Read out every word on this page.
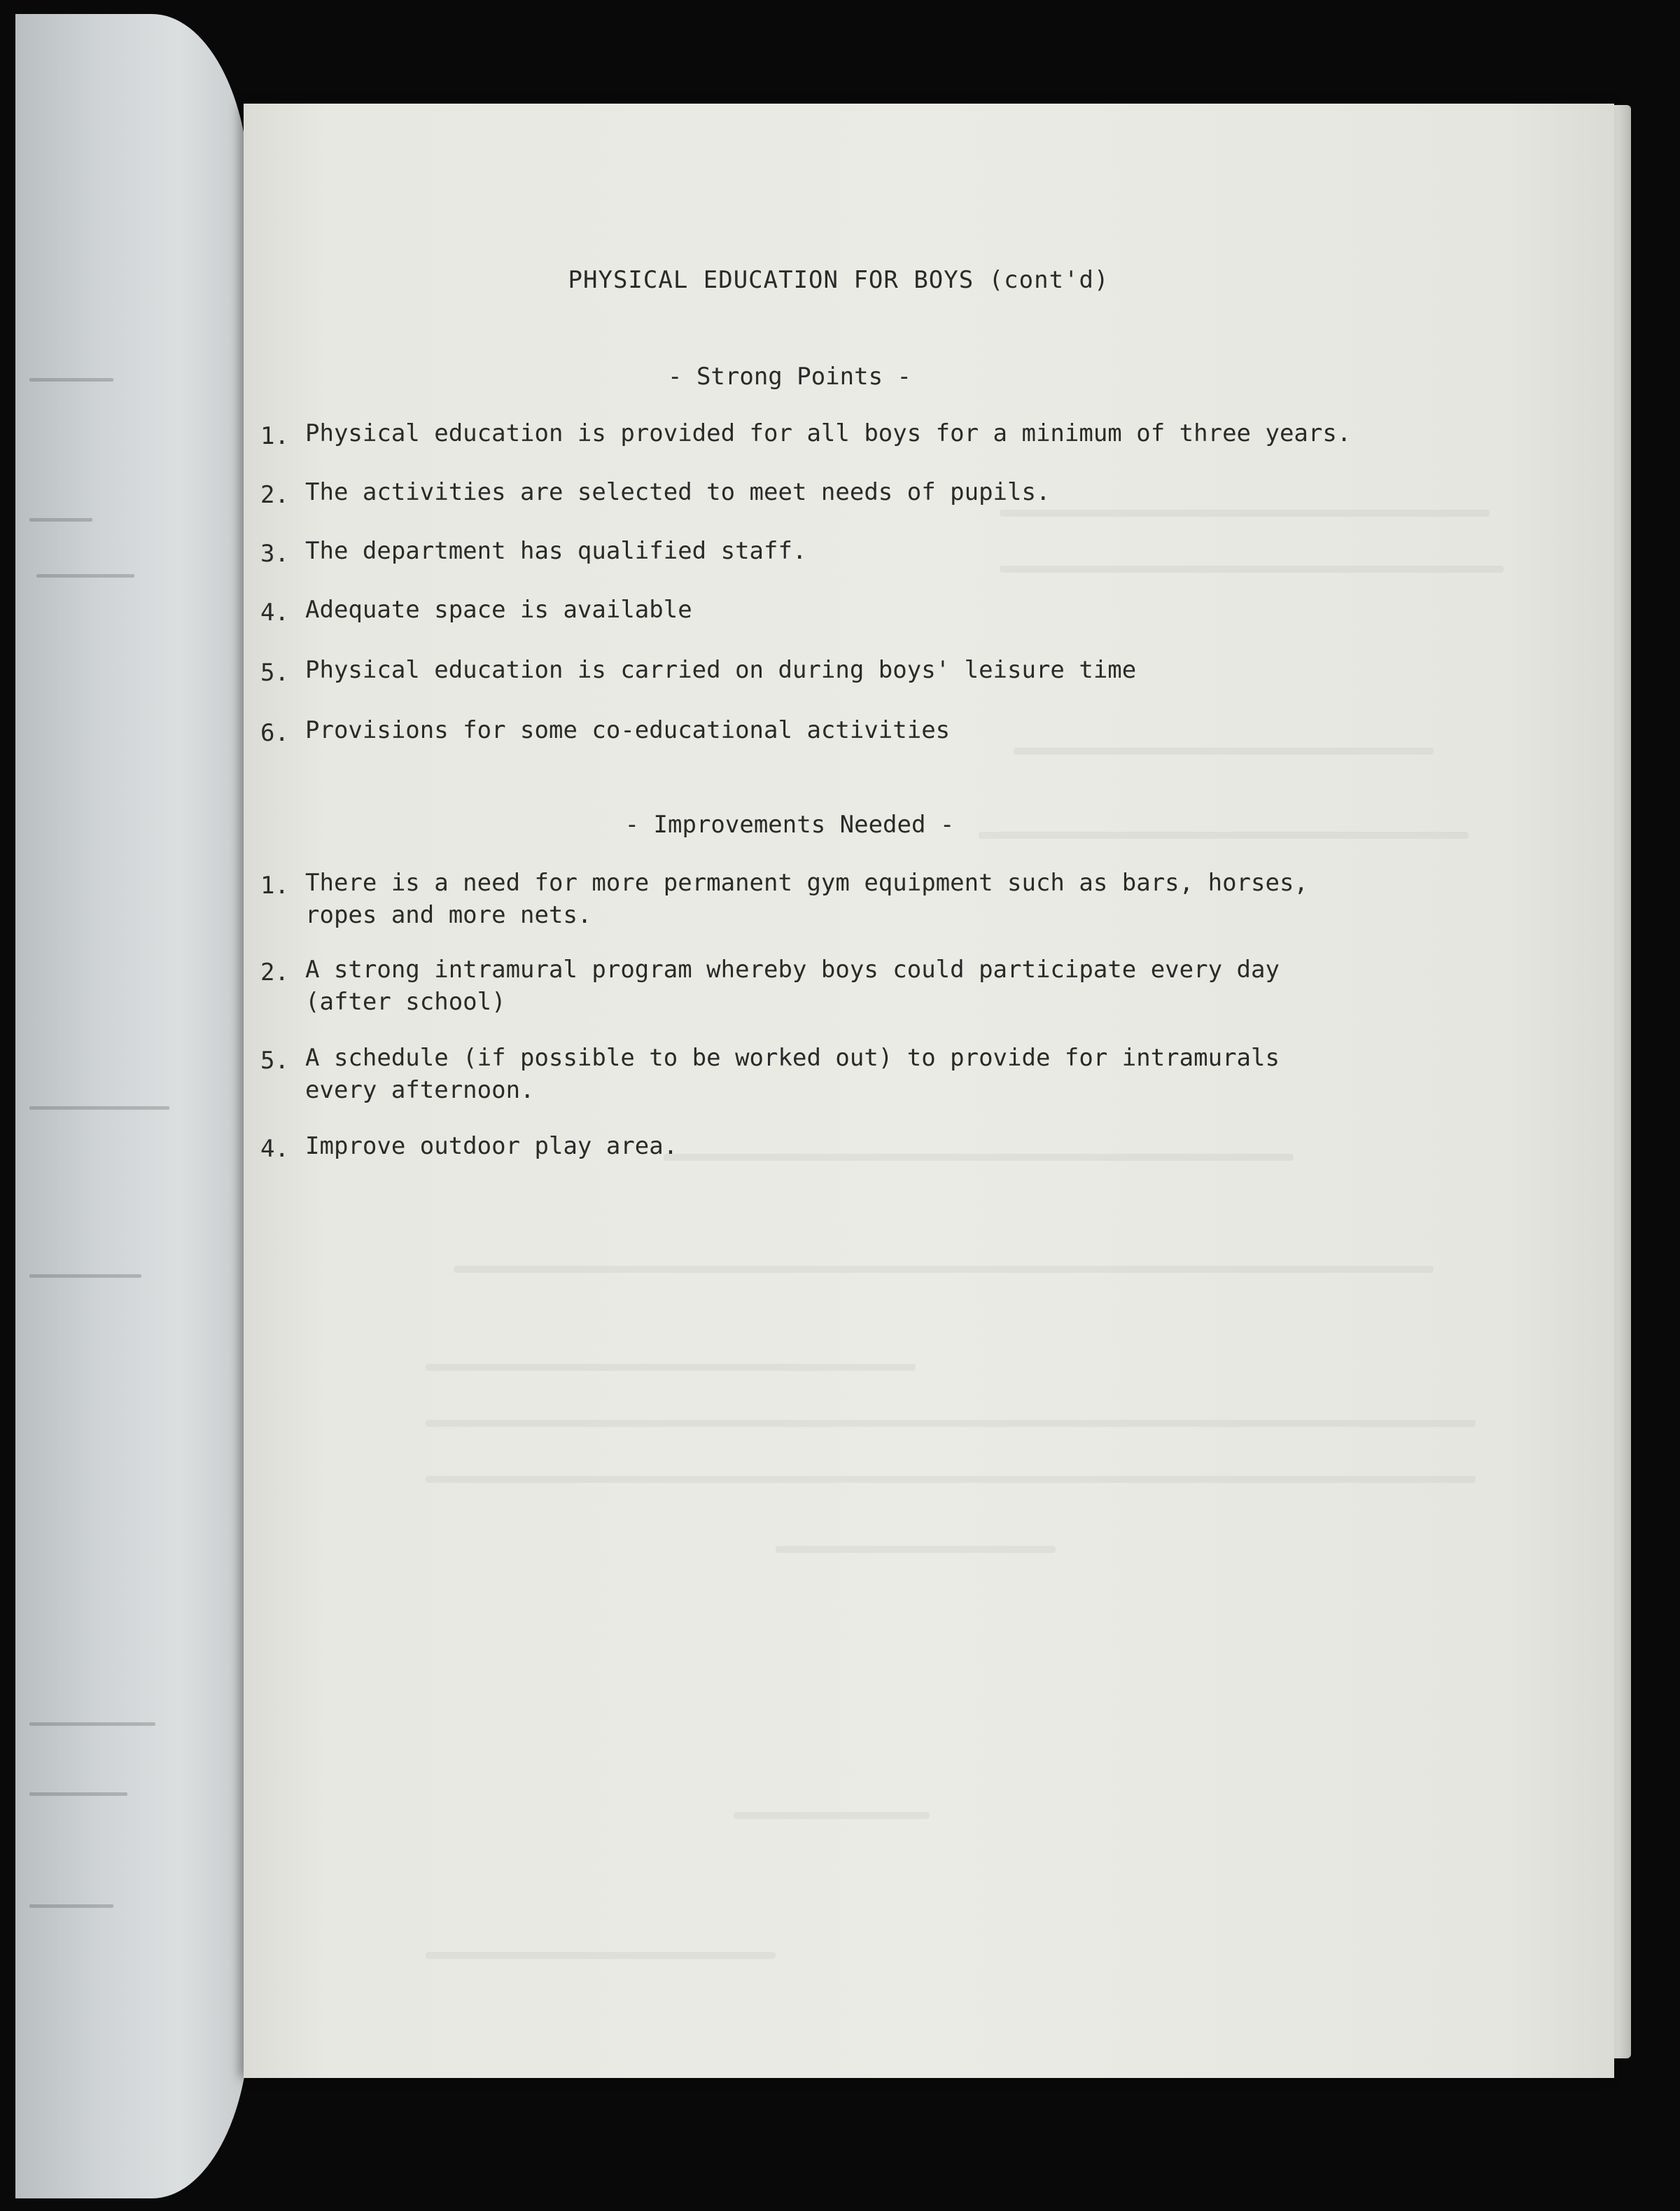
PHYSICAL EDUCATION FOR BOYS (cont'd)
- Strong Points -
1. Physical education is provided for all boys for a minimum of three years.
2. The activities are selected to meet needs of pupils.
3. The department has qualified staff.
4. Adequate space is available
5. Physical education is carried on during boys' leisure time
6. Provisions for some co-educational activities
- Improvements Needed -
1. There is a need for more permanent gym equipment such as bars, horses,
ropes and more nets.
2. A strong intramural program whereby boys could participate every day
(after school)
5. A schedule (if possible to be worked out) to provide for intramurals
every afternoon.
4. Improve outdoor play area.
